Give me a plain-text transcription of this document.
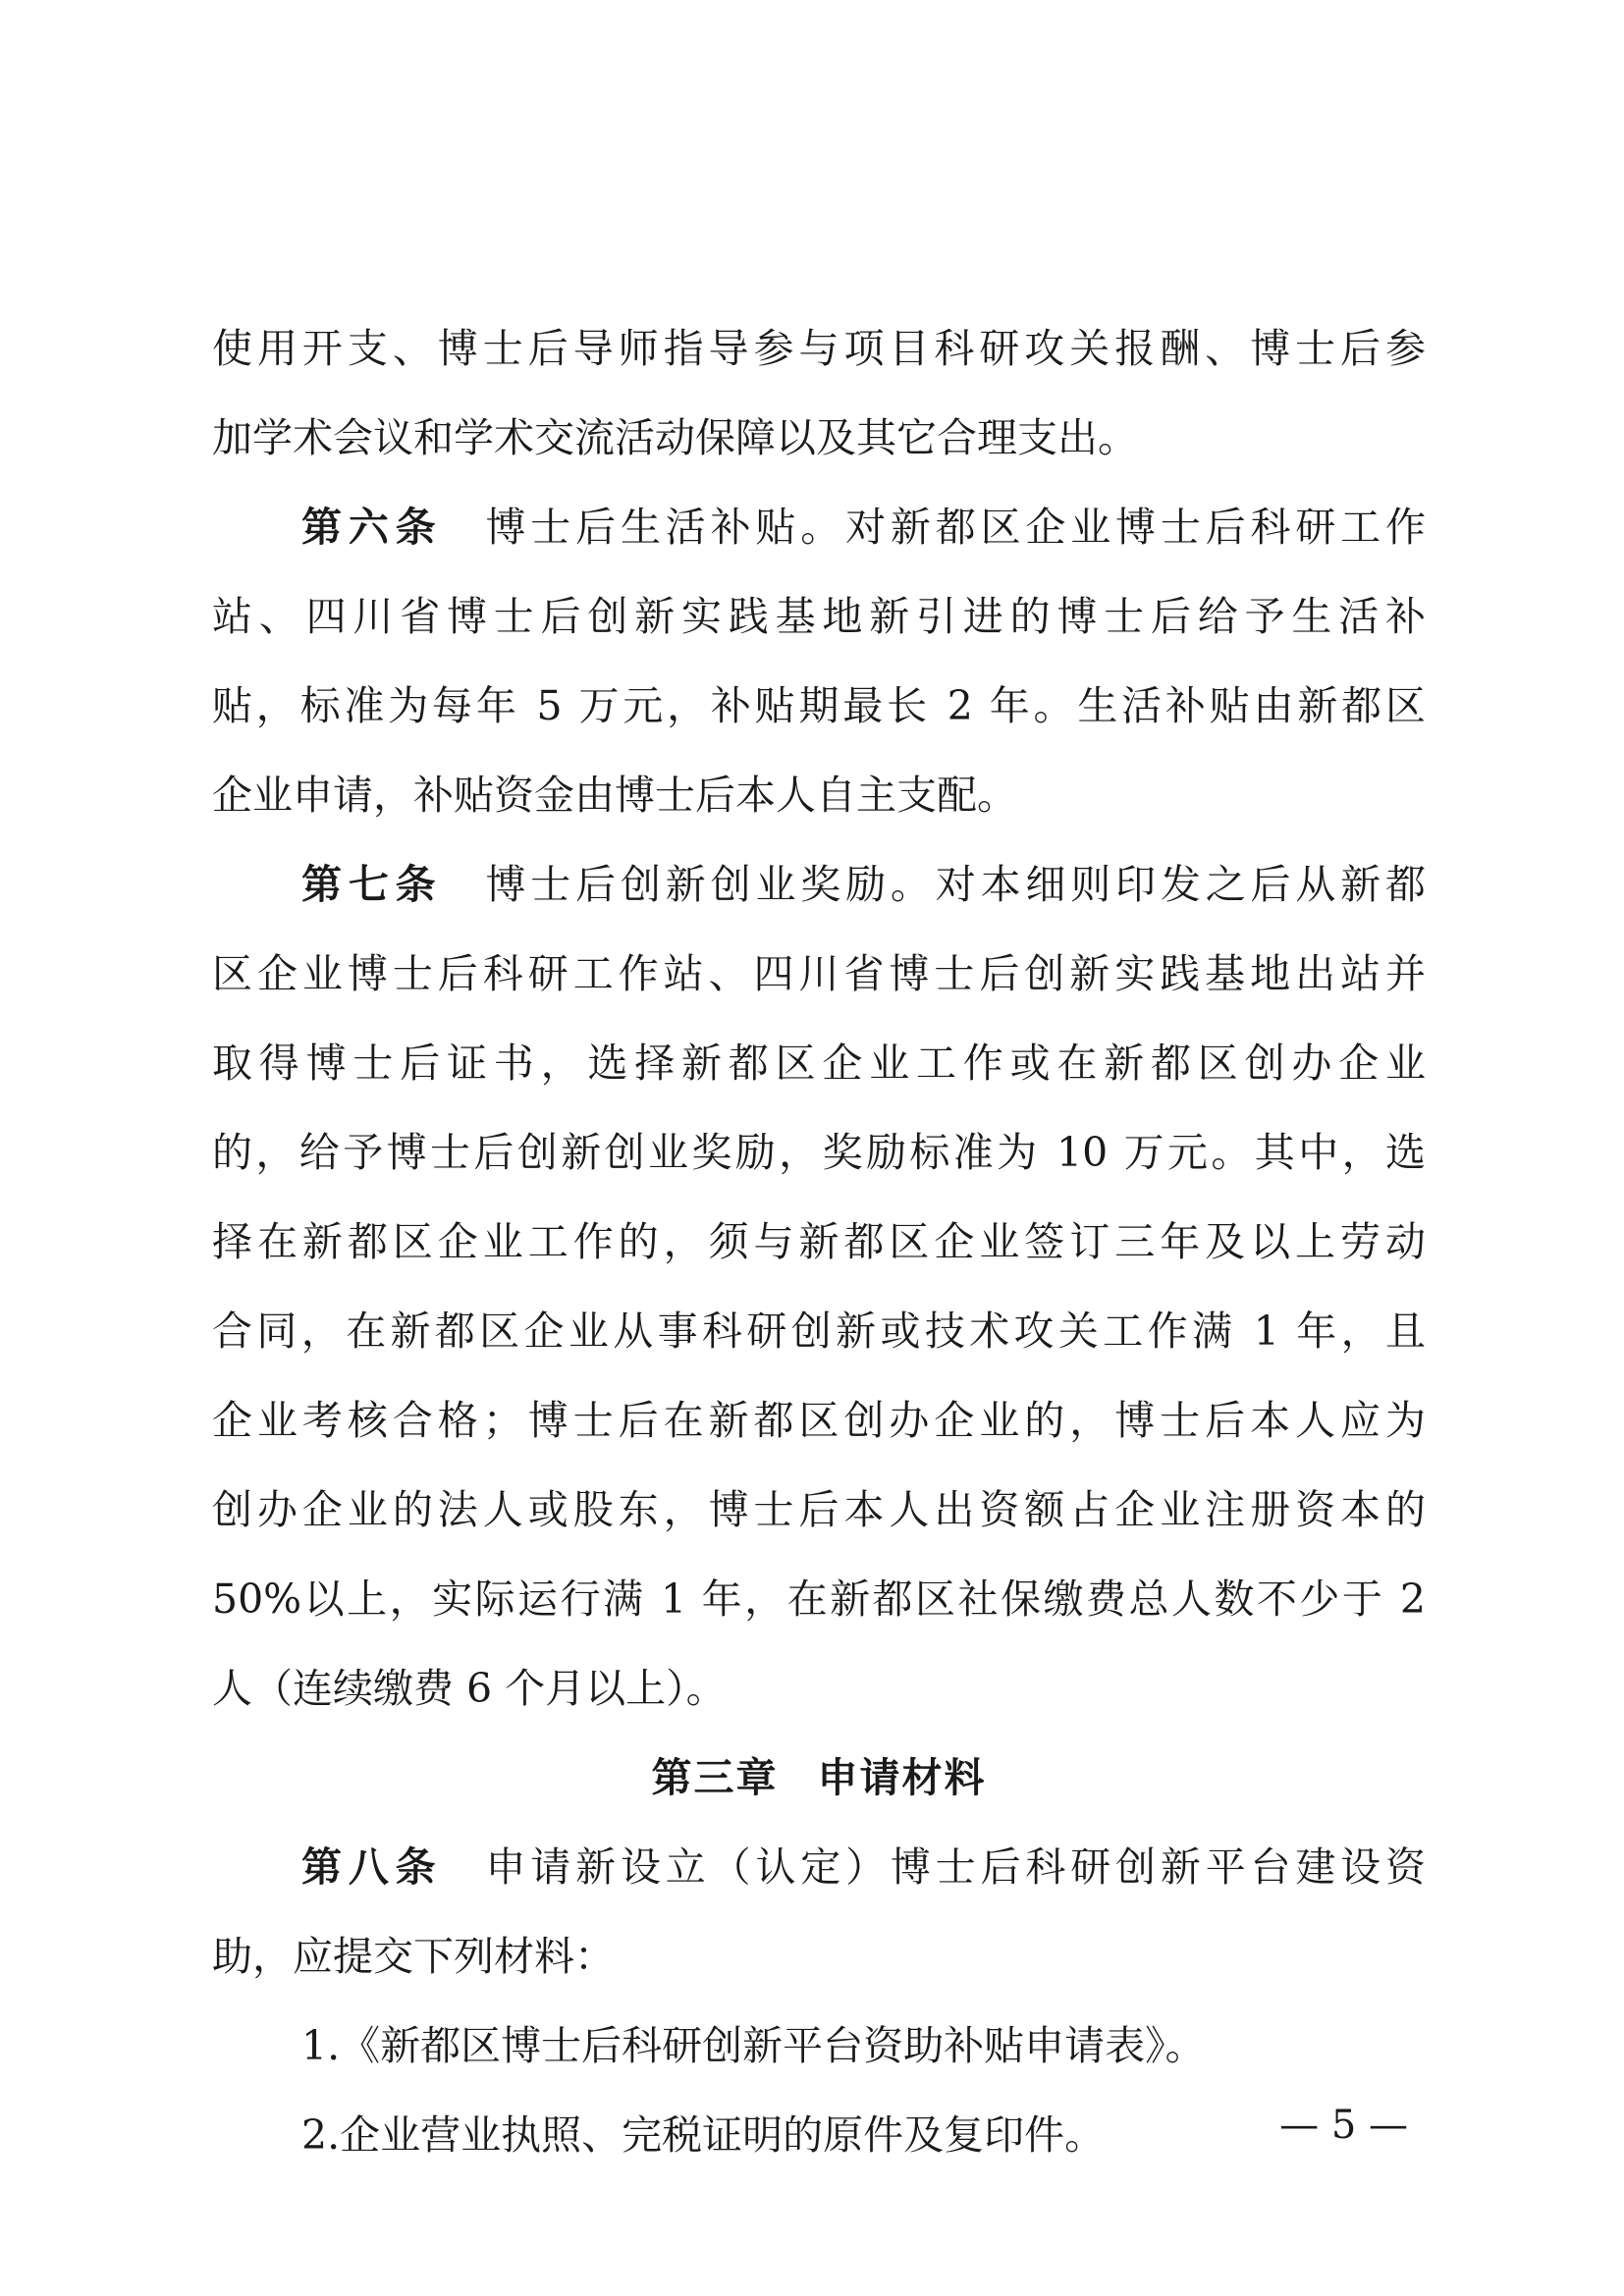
使用开支、博士后导师指导参与项目科研攻关报酬、博士后参
加学术会议和学术交流活动保障以及其它合理支出。
第六条 博士后生活补贴。对新都区企业博士后科研工作
站、四川省博士后创新实践基地新引进的博士后给予生活补
贴，标准为每年 5 万元，补贴期最长 2 年。生活补贴由新都区
企业申请，补贴资金由博士后本人自主支配。
第七条 博士后创新创业奖励。对本细则印发之后从新都
区企业博士后科研工作站、四川省博士后创新实践基地出站并
取得博士后证书，选择新都区企业工作或在新都区创办企业
的，给予博士后创新创业奖励，奖励标准为 10 万元。其中，选
择在新都区企业工作的，须与新都区企业签订三年及以上劳动
合同，在新都区企业从事科研创新或技术攻关工作满 1 年，且
企业考核合格；博士后在新都区创办企业的，博士后本人应为
创办企业的法人或股东，博士后本人出资额占企业注册资本的
50%以上，实际运行满 1 年，在新都区社保缴费总人数不少于 2
人（连续缴费 6 个月以上）。
第三章 申请材料
第八条 申请新设立（认定）博士后科研创新平台建设资
助，应提交下列材料：
1.《新都区博士后科研创新平台资助补贴申请表》。
2.企业营业执照、完税证明的原件及复印件。	— 5 —
